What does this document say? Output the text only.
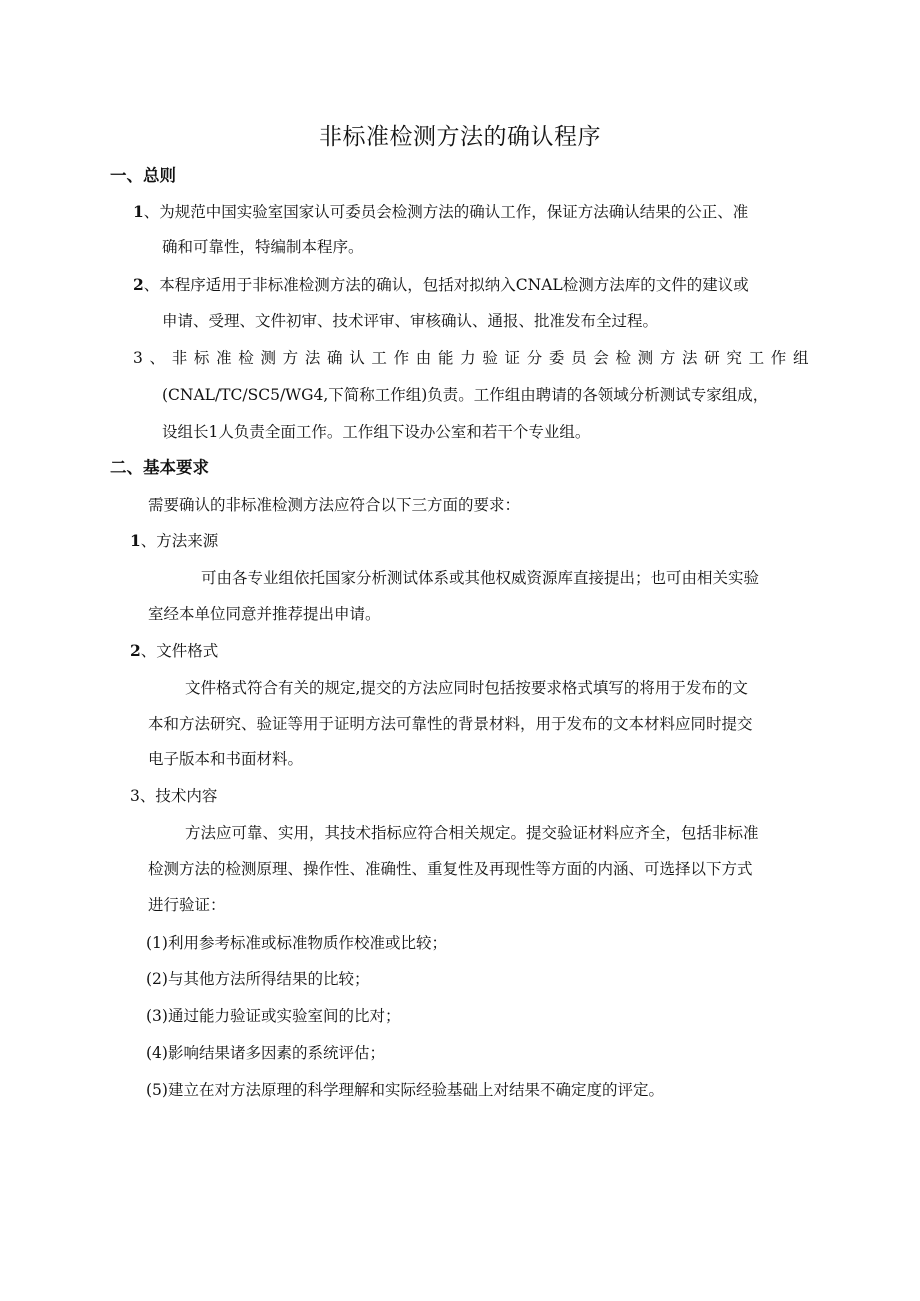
非标准检测方法的确认程序
一、总则
1、为规范中国实验室国家认可委员会检测方法的确认工作，保证方法确认结果的公正、准
确和可靠性，特编制本程序。
2、本程序适用于非标准检测方法的确认，包括对拟纳入CNAL检测方法库的文件的建议或
申请、受理、文件初审、技术评审、审核确认、通报、批准发布全过程。
3、非标准检测方法确认工作由能力验证分委员会检测方法研究工作组
(CNAL/TC/SC5/WG4,下简称工作组)负责。工作组由聘请的各领域分析测试专家组成，
设组长1人负责全面工作。工作组下设办公室和若干个专业组。
二、基本要求
需要确认的非标准检测方法应符合以下三方面的要求：
1、方法来源
可由各专业组依托国家分析测试体系或其他权威资源库直接提出；也可由相关实验
室经本单位同意并推荐提出申请。
2、文件格式
文件格式符合有关的规定,提交的方法应同时包括按要求格式填写的将用于发布的文
本和方法研究、验证等用于证明方法可靠性的背景材料，用于发布的文本材料应同时提交
电子版本和书面材料。
3、技术内容
方法应可靠、实用，其技术指标应符合相关规定。提交验证材料应齐全，包括非标准
检测方法的检测原理、操作性、准确性、重复性及再现性等方面的内涵、可选择以下方式
进行验证：
(1)利用参考标准或标准物质作校准或比较；
(2)与其他方法所得结果的比较；
(3)通过能力验证或实验室间的比对；
(4)影响结果诸多因素的系统评估；
(5)建立在对方法原理的科学理解和实际经验基础上对结果不确定度的评定。
